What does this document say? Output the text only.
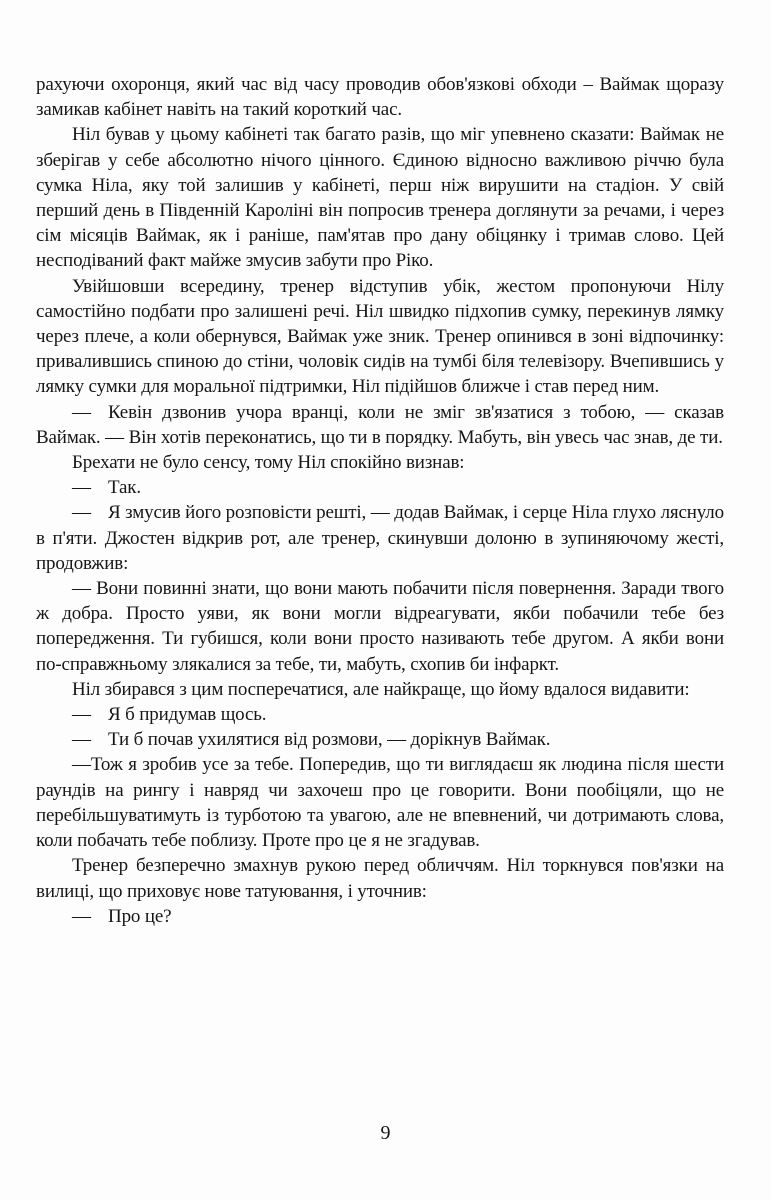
рахуючи охоронця, який час від часу проводив обов'язкові обходи – Ваймак щоразу замикав кабінет навіть на такий короткий час.

Ніл бував у цьому кабінеті так багато разів, що міг упевнено сказати: Ваймак не зберігав у себе абсолютно нічого цінного. Єдиною відносно важливою річчю була сумка Ніла, яку той залишив у кабінеті, перш ніж вирушити на стадіон. У свій перший день в Південній Кароліні він попросив тренера доглянути за речами, і через сім місяців Ваймак, як і раніше, пам'ятав про дану обіцянку і тримав слово. Цей несподіваний факт майже змусив забути про Ріко.

Увійшовши всередину, тренер відступив убік, жестом пропонуючи Нілу самостійно подбати про залишені речі. Ніл швидко підхопив сумку, перекинув лямку через плече, а коли обернувся, Ваймак уже зник. Тренер опинився в зоні відпочинку: привалившись спиною до стіни, чоловік сидів на тумбі біля телевізору. Вчепившись у лямку сумки для моральної підтримки, Ніл підійшов ближче і став перед ним.

— Кевін дзвонив учора вранці, коли не зміг зв'язатися з тобою, — сказав Ваймак. — Він хотів переконатись, що ти в порядку. Мабуть, він увесь час знав, де ти.

Брехати не було сенсу, тому Ніл спокійно визнав:

— Так.

— Я змусив його розповісти решті, — додав Ваймак, і серце Ніла глухо ляснуло в п'яти. Джостен відкрив рот, але тренер, скинувши долоню в зупиняючому жесті, продовжив:

— Вони повинні знати, що вони мають побачити після повернення. Заради твого ж добра. Просто уяви, як вони могли відреагувати, якби побачили тебе без попередження. Ти губишся, коли вони просто називають тебе другом. А якби вони по-справжньому злякалися за тебе, ти, мабуть, схопив би інфаркт.

Ніл збирався з цим посперечатися, але найкраще, що йому вдалося видавити:

— Я б придумав щось.

— Ти б почав ухилятися від розмови, — дорікнув Ваймак.

—Тож я зробив усе за тебе. Попередив, що ти виглядаєш як людина після шести раундів на рингу і навряд чи захочеш про це говорити. Вони пообіцяли, що не перебільшуватимуть із турботою та увагою, але не впевнений, чи дотримають слова, коли побачать тебе поблизу. Проте про це я не згадував.

Тренер безперечно змахнув рукою перед обличчям. Ніл торкнувся пов'язки на вилиці, що приховує нове татуювання, і уточнив:

— Про це?

9
